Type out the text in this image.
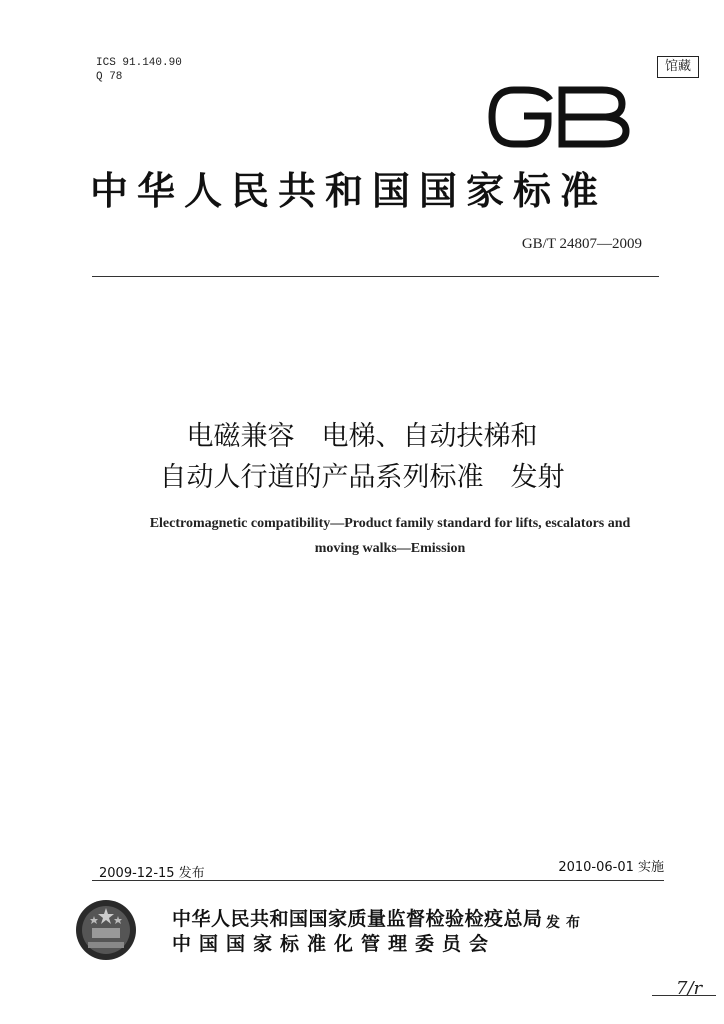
ICS 91.140.90
Q 78
馆藏
中华人民共和国国家标准
GB/T 24807—2009
电磁兼容　电梯、自动扶梯和
自动人行道的产品系列标准　发射
Electromagnetic compatibility—Product family standard for lifts, escalators and
moving walks—Emission
2009-12-15 发布	2010-06-01 实施
中华人民共和国国家质量监督检验检疫总局
中国国家标准化管理委员会
发布
7/r
